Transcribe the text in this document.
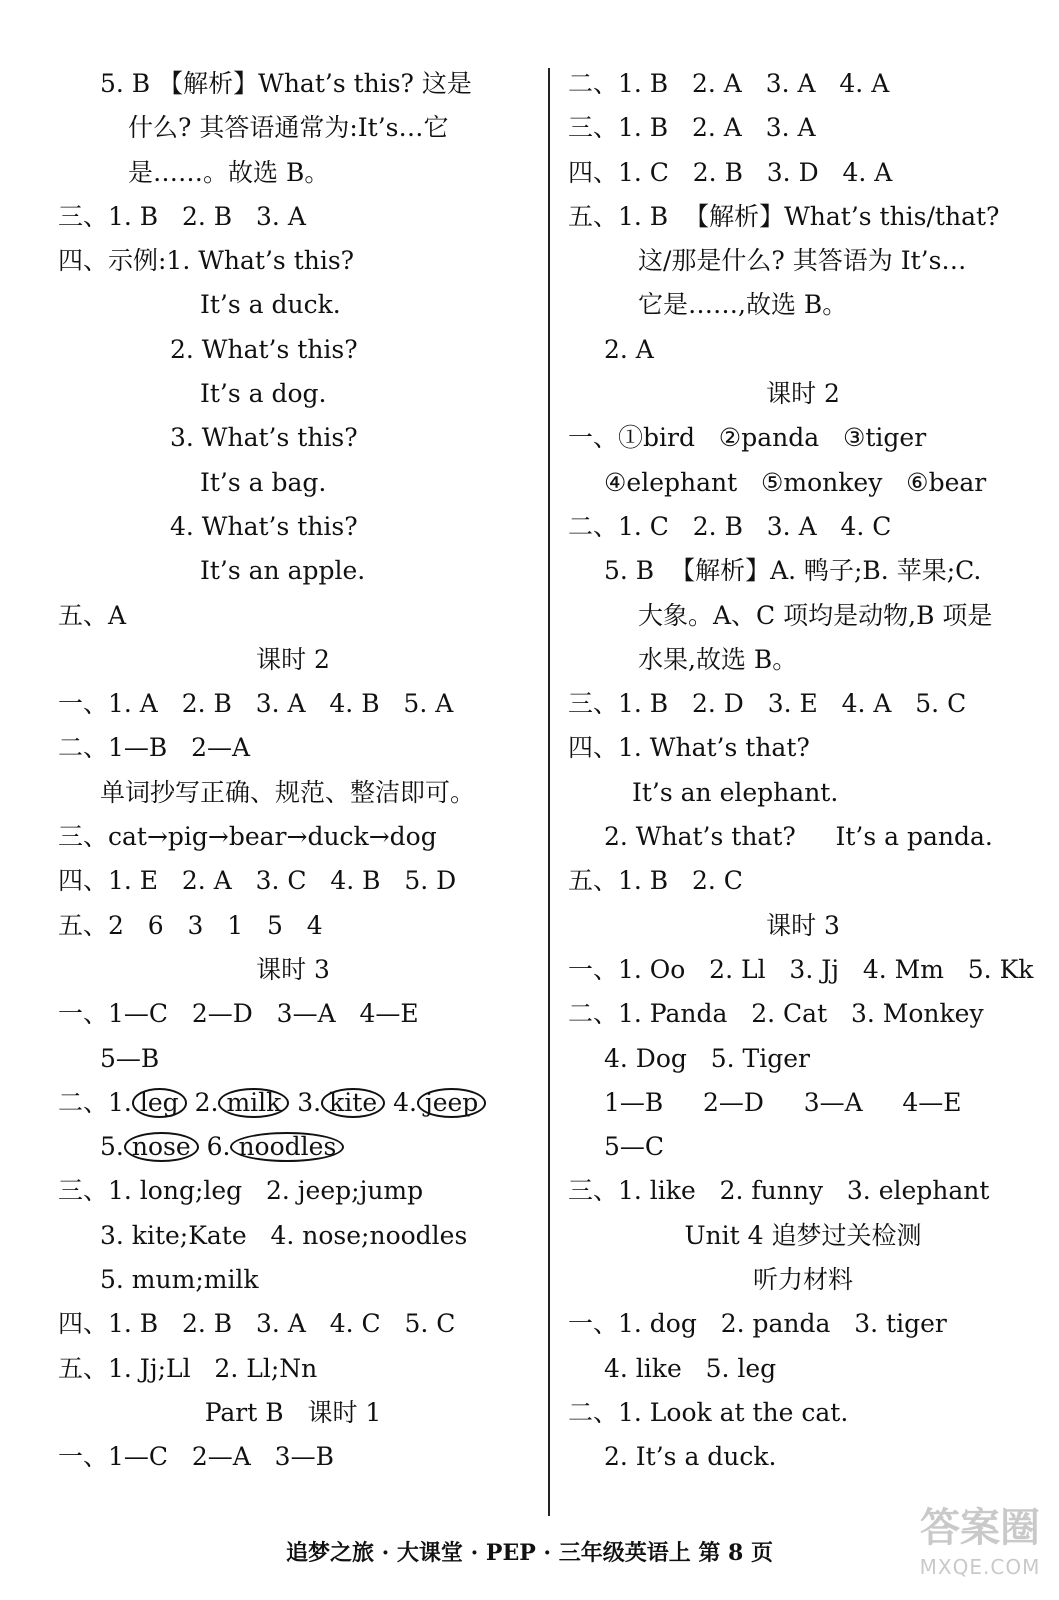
5. B 【解析】What’s this? 这是
什么? 其答语通常为:It’s…它
是……。故选 B。
三、1. B   2. B   3. A
四、示例:1. What’s this?
It’s a duck.
2. What’s this?
It’s a dog.
3. What’s this?
It’s a bag.
4. What’s this?
It’s an apple.
五、A
课时 2
一、1. A   2. B   3. A   4. B   5. A
二、1—B   2—A
单词抄写正确、规范、整洁即可。
三、cat→pig→bear→duck→dog
四、1. E   2. A   3. C   4. B   5. D
五、2   6   3   1   5   4
课时 3
一、1—C   2—D   3—A   4—E
5—B
二、1. leg 2. milk 3. kite 4. jeep
5. nose 6. noodles
三、1. long;leg   2. jeep;jump
3. kite;Kate   4. nose;noodles
5. mum;milk
四、1. B   2. B   3. A   4. C   5. C
五、1. Jj;Ll   2. Ll;Nn
Part B   课时 1
一、1—C   2—A   3—B
二、1. B   2. A   3. A   4. A
三、1. B   2. A   3. A
四、1. C   2. B   3. D   4. A
五、1. B  【解析】What’s this/that?
这/那是什么? 其答语为 It’s…
它是……,故选 B。
2. A
课时 2
一、①bird   ②panda   ③tiger
④elephant   ⑤monkey   ⑥bear
二、1. C   2. B   3. A   4. C
5. B  【解析】A. 鸭子;B. 苹果;C.
大象。A、C 项均是动物,B 项是
水果,故选 B。
三、1. B   2. D   3. E   4. A   5. C
四、1. What’s that?
It’s an elephant.
2. What’s that?     It’s a panda.
五、1. B   2. C
课时 3
一、1. Oo   2. Ll   3. Jj   4. Mm   5. Kk
二、1. Panda   2. Cat   3. Monkey
4. Dog   5. Tiger
1—B     2—D     3—A     4—E
5—C
三、1. like   2. funny   3. elephant
Unit 4 追梦过关检测
听力材料
一、1. dog   2. panda   3. tiger
4. like   5. leg
二、1. Look at the cat.
2. It’s a duck.
追梦之旅 · 大课堂 · PEP · 三年级英语上 第 8 页
答案圈
MXQE.COM
